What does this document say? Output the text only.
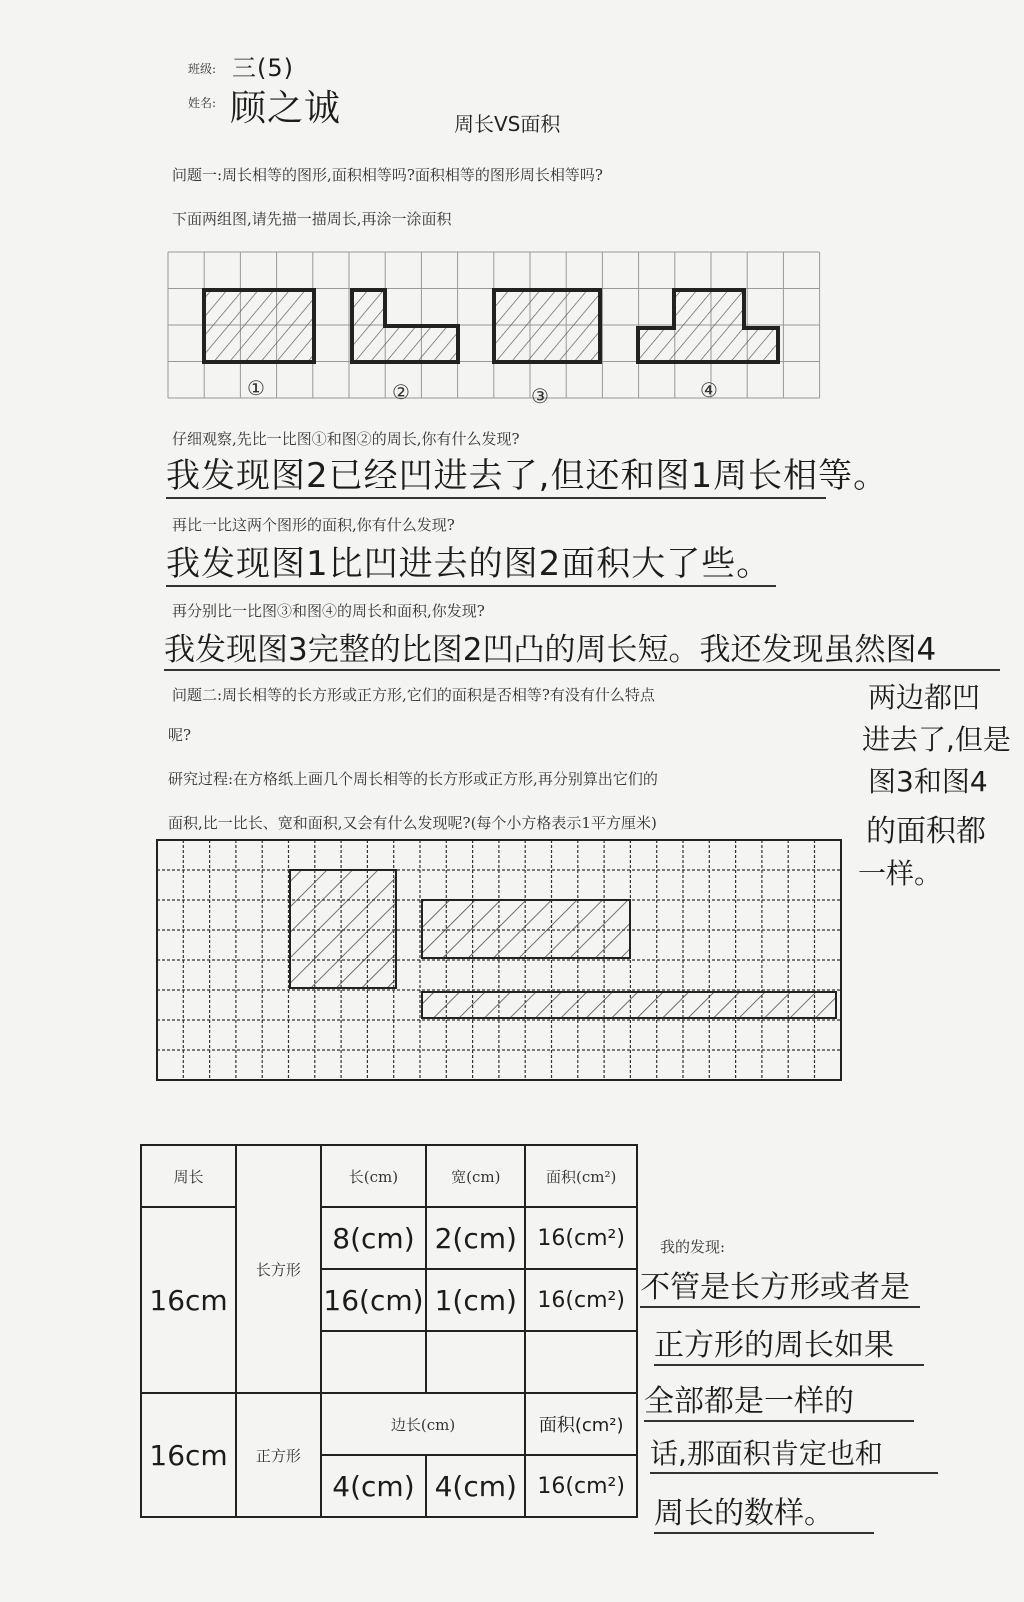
班级: 三(5)
姓名: 顾之诚	周长VS面积
问题一:周长相等的图形,面积相等吗?面积相等的图形周长相等吗?
下面两组图,请先描一描周长,再涂一涂面积
①	②	③	④
仔细观察,先比一比图①和图②的周长,你有什么发现?
我发现图2已经凹进去了,但还和图1周长相等。
再比一比这两个图形的面积,你有什么发现?
我发现图1比凹进去的图2面积大了些。
再分别比一比图③和图④的周长和面积,你发现?
我发现图3完整的比图2凹凸的周长短。我还发现虽然图4
两边都凹
进去了,但是
图3和图4
的面积都
一样。
问题二:周长相等的长方形或正方形,它们的面积是否相等?有没有什么特点
呢?
研究过程:在方格纸上画几个周长相等的长方形或正方形,再分别算出它们的
面积,比一比长、宽和面积,又会有什么发现呢?(每个小方格表示1平方厘米)
周长	长方形	长(cm)	宽(cm)	面积(cm²)
16cm		8(cm)	2(cm)	16(cm²)
		16(cm)	1(cm)	16(cm²)

16cm	正方形	边长(cm)		面积(cm²)
		4(cm)	4(cm)	16(cm²)
我的发现:
不管是长方形或者是
正方形的周长如果
全部都是一样的
话,那面积肯定也和
周长的数样。
